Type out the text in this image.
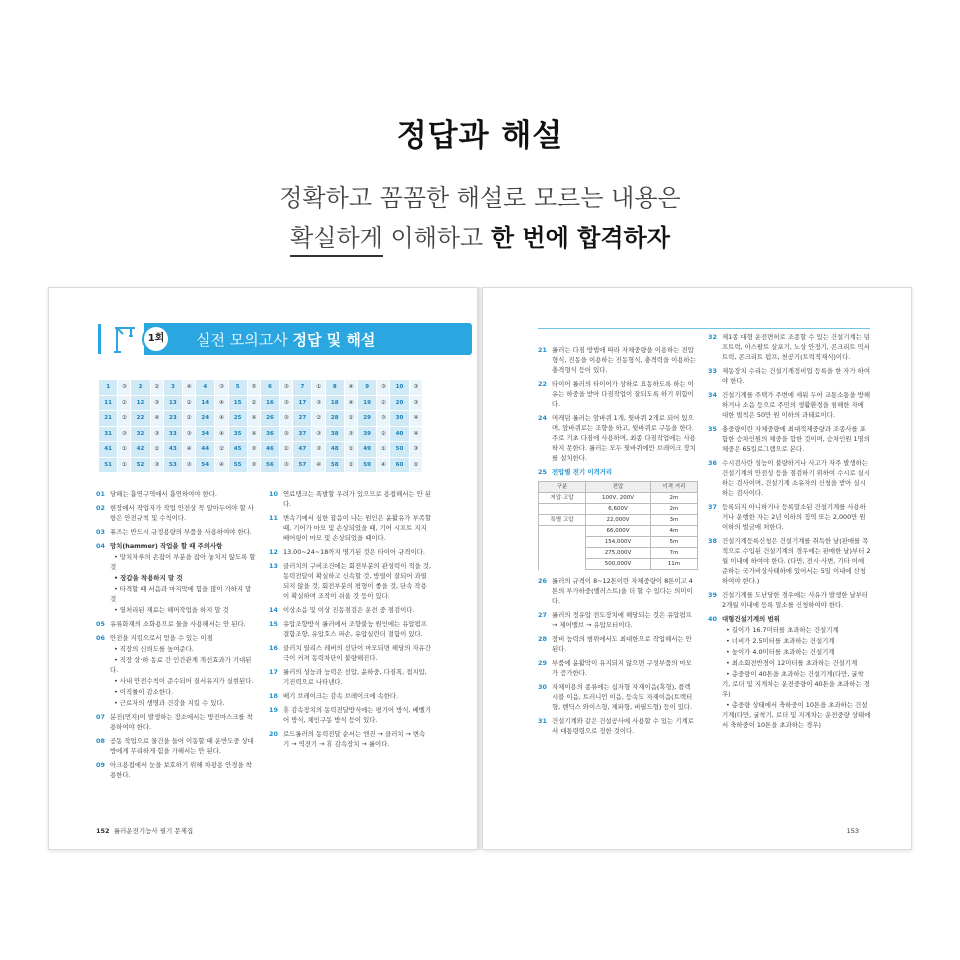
정답과 해설
정확하고 꼼꼼한 해설로 모르는 내용은
확실하게 이해하고 한 번에 합격하자
1회	실전 모의고사 정답 및 해설
1	③	2	②	3	④	4	③	5	⑤	6	③	7	①	8	④	9	③	10	③
11	②	12	③	13	②	14	④	15	②	16	③	17	③	18	④	19	②	20	③
21	②	22	④	23	②	24	④	25	④	26	③	27	②	28	②	29	③	30	④
31	③	32	③	33	③	34	④	35	④	36	③	37	③	38	③	39	②	40	④
41	①	42	①	43	④	44	②	45	③	46	②	47	③	48	①	49	①	50	③
51	①	52	③	53	③	54	④	55	③	56	③	57	④	58	②	59	④	60	①
01 당해는 흡연구역에서 흡연하여야 한다.
02 현장에서 작업자가 작업 안전상 꼭 알아두어야 할 사항은 안전규칙 및 수칙이다.
03 퓨즈는 반드시 규정용량의 부품을 사용하여야 한다.
04 망치(hammer) 작업을 할 때 주의사항
• 망치자루의 손잡이 부분을 잡아 놓치지 않도록 할 것
• 장갑을 착용하지 말 것
• 타격할 때 서음과 마지막에 힘을 많이 가하지 말 것
• 열처리된 재료는 해머작업을 하지 말 것
05 유류화재의 소화용으로 물을 사용해서는 안 된다.
06 안전을 지킴으로서 얻을 수 있는 이점
• 직장의 신뢰도를 높여준다.
• 직장 상·하 동료 간 인간관계 개선효과가 기대된다.
• 사내 안전수칙이 준수되어 질서유지가 실현된다.
• 이직률이 감소한다.
• 근로자의 생명과 건강을 지킬 수 있다.
07 분진(먼지)이 발생하는 장소에서는 방진마스크를 착용하여야 한다.
08 공동 작업으로 물건을 들어 이동할 때 운반도중 상대방에게 무리하게 힘을 가해서는 안 된다.
09 아크용접에서 눈을 보호하기 위해 차광용 안경을 착용한다.
10 연료탱크는 폭발할 우려가 있으므로 용접해서는 안 된다.
11 변속기에서 심한 잡음이 나는 원인은 윤활유가 부족할 때, 기어가 마모 및 손상되었을 때, 기어 시프트 지지 베어링이 마모 및 손상되었을 때이다.
12 13.00~24~18까지 명기된 것은 타이어 규격이다.
13 클러치의 구비조건에는 회전부분의 관성력이 적을 것, 동력전달이 확실하고 신속할 것, 방열이 잘되어 과열되지 않을 것, 회전부분의 평형이 좋을 것, 단속 작용이 확실하며 조작이 쉬울 것 등이 있다.
14 이상소음 및 이상 진동점검은 운전 중 점검이다.
15 유압조향방식 롤러에서 조향불능 원인에는 유압펌프 결함조향, 유압호스 파손, 유압실린더 결함이 있다.
16 클러치 릴리스 레버의 선단이 마모되면 해당의 자유간극이 커져 동력차단이 불량해진다.
17 롤러의 성능과 능력은 선압, 윤하중, 다짐폭, 접지압, 기진력으로 나타낸다.
18 배기 브레이크는 감속 브레이크에 속한다.
19 휴 감속장치의 동력전달방식에는 평기어 방식, 베벨기어 방식, 체인구동 방식 등이 있다.
20 로드롤러의 동력전달 순서는 엔진 → 클러치 → 변속기 → 역전기 → 휴 감속장치 → 롤이다.
152 롤러운전기능사 필기 문제집
21 롤러는 다짐 방법에 따라 자체중량을 이용하는 전압형식, 진동을 이용하는 진동형식, 충격력을 이용하는 충격형식 등이 있다.
22 타이어 롤러의 타이어가 상하로 요동하도록 하는 이유는 하중을 받아 다짐작업이 잘되도록 하기 위함이다.
24 머캐덤 롤러는 앞바퀴 1개, 뒷바퀴 2개로 되어 있으며, 앞바퀴로는 조향을 하고, 뒷바퀴로 구동을 한다. 주로 기초 다짐에 사용하며, 최종 다짐작업에는 사용하지 못한다. 롤러는 모두 뒷바퀴에만 브레이크 장치를 설치한다.
25 전압별 전기 이격거리
구분	전압	이격 거리
저압·고압	100V, 200V	2m
	6,600V	2m
특별 고압	22,000V	3m
	66,000V	4m
	154,000V	5m
	275,000V	7m
	500,000V	11m
26 롤러의 규격이 8~12톤이란 자체중량이 8톤이고 4톤의 부가하중(밸러스트)을 더 할 수 있다는 의미이다.
27 롤러의 정유압 전도장치에 해당되는 것은 유압펌프 → 제어밸브 → 유압모터이다.
28 장비 능력의 범위에서도 최대한으로 작업해서는 안 된다.
29 부품에 윤활막이 유지되지 않으면 구성부품의 마모가 증가한다.
30 자체이용의 종류에는 십자형 자재이음(혹형), 플렉시블 이음, 트러니언 이음, 등속도 자재이음(트랙터형, 벤딕스 와이스형, 제파형, 버필드형) 등이 있다.
31 건설기계와 같은 건설공사에 사용할 수 있는 기계로서 대통령령으로 정한 것이다.
32 제1종 대형 운전면허로 조종할 수 있는 건설기계는 덤프트럭, 아스팔트 살포기, 노상 안정기, 콘크리트 믹서트럭, 콘크리트 펌프, 천공기(트럭적재식)이다.
33 제동장치 수리는 건설기계정비업 등록을 한 자가 하여야 한다.
34 건설기계를 주택가 주변에 세워 두어 교통소통을 방해하거나 소음 등으로 주민의 생활환경을 침해한 자에 대한 벌칙은 50만 원 이하의 과태료이다.
35 충중량이란 자체중량에 최대적재중량과 조종사를 포함한 승차인원의 체중을 합한 것이며, 승차인원 1명의 체중은 65킬로그램으로 본다.
36 수시검사란 성능이 불량하거나 사고가 자주 발생하는 건설기계의 안전성 등을 점검하기 위하여 수시로 실시하는 검사이며, 건설기계 소유자의 신청을 받아 실시하는 검사이다.
37 등록되지 아니하거나 등록말소된 건설기계를 사용하거나 운행한 자는 2년 이하의 징역 또는 2,000만 원 이하의 벌금에 처한다.
38 건설기계등록신청은 건설기계를 취득한 날(판매를 목적으로 수입된 건설기계의 경우에는 판매한 날)부터 2월 이내에 하여야 한다. (다만, 전시·사변, 기타 이에 준하는 국가비상사태하에 있어서는 5일 이내에 신청하여야 한다.)
39 건설기계를 도난당한 경우에는 사유가 발생한 날부터 2개월 이내에 등록 말소를 신청하여야 한다.
40 대형건설기계의 범위
• 길이가 16.7미터를 초과하는 건설기계
• 너비가 2.5미터를 초과하는 건설기계
• 높이가 4.0미터를 초과하는 건설기계
• 최소회전반경이 12미터를 초과하는 건설기계
• 총중량이 40톤을 초과하는 건설기계(다만, 굴착기, 로더 및 지게차는 운전중량이 40톤을 초과하는 경우)
• 총중량 상태에서 축하중이 10톤을 초과하는 건설기계(다만, 굴착기, 로더 및 지게차는 운전중량 상태에서 축하중이 10톤을 초과하는 경우)
153
